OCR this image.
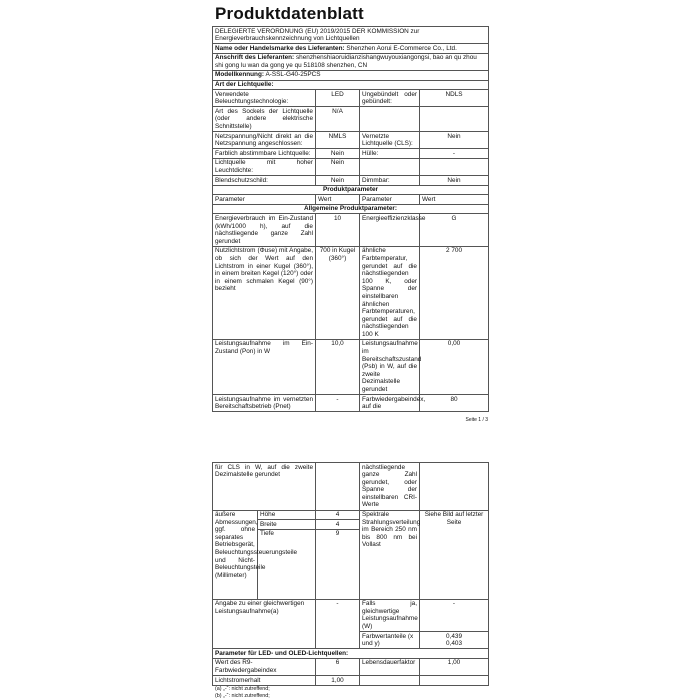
Produktdatenblatt
DELEGIERTE VERORDNUNG (EU) 2019/2015 DER KOMMISSION zur Energieverbrauchskennzeichnung von Lichtquellen			
Name oder Handelsmarke des Lieferanten: Shenzhen Aorui E-Commerce Co., Ltd.			
Anschrift des Lieferanten: shenzhenshiaoruidianzishangwuyouxiangongsi, bao an qu zhou shi gong lu wan da gong ye qu 518108 shenzhen, CN			
Modellkennung: A-SSL-G40-25PCS			
Art der Lichtquelle:			
Verwendete Beleuchtungstechnologie:	LED	Ungebündelt oder gebündelt:	NDLS
Art des Sockels der Lichtquelle (oder andere elektrische Schnittstelle)	N/A		
Netzspannung/Nicht direkt an die Netzspannung angeschlossen:	NMLS	Vernetzte Lichtquelle (CLS):	Nein
Farblich abstimmbare Lichtquelle:	Nein	Hülle:	-
Lichtquelle mit hoher Leuchtdichte:	Nein		
Blendschutzschild:	Nein	Dimmbar:	Nein
Produktparameter			
Parameter	Wert	Parameter	Wert
Allgemeine Produktparameter:			
Energieverbrauch im Ein-Zustand (kWh/1000 h), auf die nächstliegende ganze Zahl gerundet	10	Energieeffizienzklasse	G
Nutzlichtstrom (Φuse) mit Angabe, ob sich der Wert auf den Lichtstrom in einer Kugel (360°), in einem breiten Kegel (120°) oder in einem schmalen Kegel (90°) bezieht	700 in Kugel (360°)	ähnliche Farbtemperatur, gerundet auf die nächstliegenden 100 K, oder Spanne der einstellbaren ähnlichen Farbtemperaturen, gerundet auf die nächstliegenden 100 K	2 700
Leistungsaufnahme im Ein-Zustand (Pon) in W	10,0	Leistungsaufnahme im Bereitschaftszustand (Psb) in W, auf die zweite Dezimalstelle gerundet	0,00
Leistungsaufnahme im vernetzten Bereitschaftsbetrieb (Pnet)	-	Farbwiedergabeindex, auf die	80
Seite 1 / 3
für CLS in W, auf die zweite Dezimalstelle gerundet			nächstliegende ganze Zahl gerundet, oder Spanne der einstellbaren CRI-Werte	
äußere Abmessungen, ggf. ohne separates Betriebsgerät, Beleuchtungssteuerungsteile und Nicht-Beleuchtungsteile (Millimeter)	Höhe	4	Spektrale Strahlungsverteilung im Bereich 250 nm bis 800 nm bei Vollast	Siehe Bild auf letzter Seite
	Breite	4		
	Tiefe	9		
Angabe zu einer gleichwertigen Leistungsaufnahme(a)		-	Falls ja, gleichwertige Leistungsaufnahme (W)	-
			Farbwertanteile (x und y)	0,439
0,403
Parameter für LED- und OLED-Lichtquellen:				
Wert des R9-Farbwiedergabeindex		6	Lebensdauerfaktor	1,00
Lichtstromerhalt		1,00		
(a) „-“: nicht zutreffend;
(b) „-“: nicht zutreffend;
